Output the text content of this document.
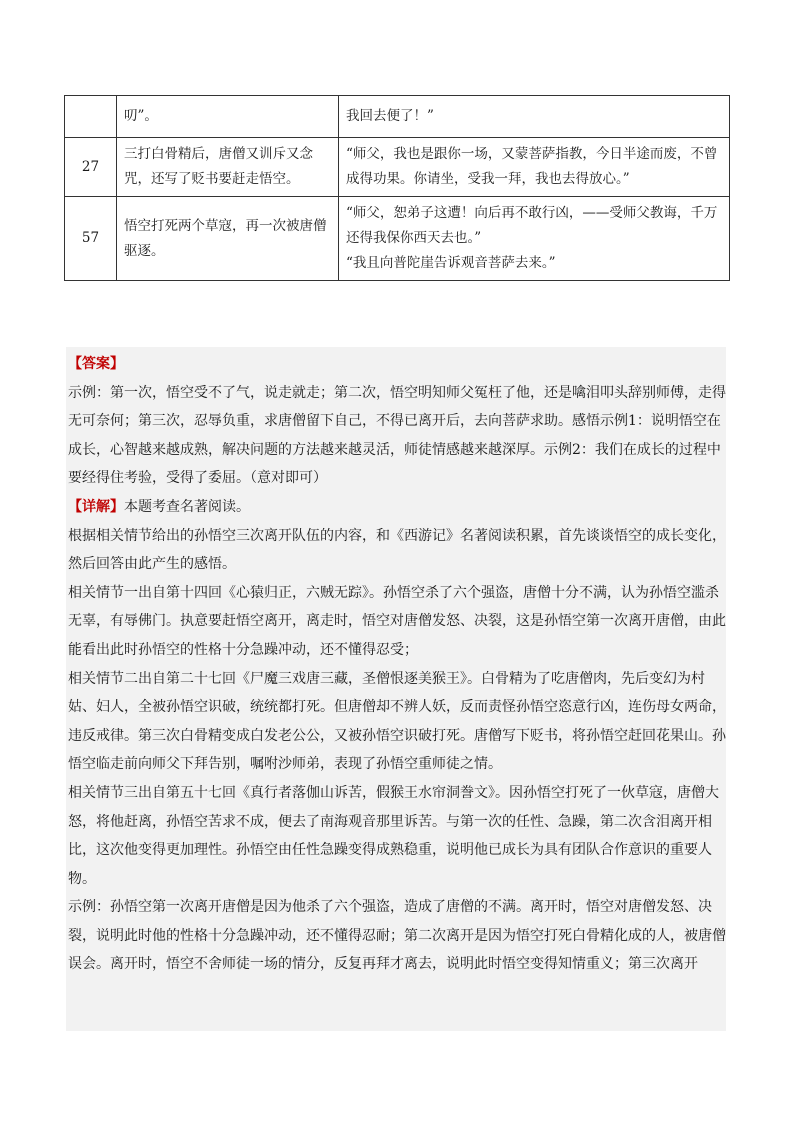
	叨”。	我回去便了！”

27	三打白骨精后，唐僧又训斥又念咒，还写了贬书要赶走悟空。	“师父，我也是跟你一场，又蒙菩萨指教，今日半途而废，不曾成得功果。你请坐，受我一拜，我也去得放心。”

57	悟空打死两个草寇，再一次被唐僧驱逐。	“师父，恕弟子这遭！向后再不敢行凶，——受师父教诲，千万还得我保你西天去也。”
“我且向普陀崖告诉观音菩萨去来。”

【答案】

示例：第一次，悟空受不了气，说走就走；第二次，悟空明知师父冤枉了他，还是噙泪叩头辞别师傅，走得无可奈何；第三次，忍辱负重，求唐僧留下自己，不得已离开后，去向菩萨求助。感悟示例1：说明悟空在成长，心智越来越成熟，解决问题的方法越来越灵活，师徒情感越来越深厚。示例2：我们在成长的过程中要经得住考验，受得了委屈。（意对即可）

【详解】本题考查名著阅读。

根据相关情节给出的孙悟空三次离开队伍的内容，和《西游记》名著阅读积累，首先谈谈悟空的成长变化，然后回答由此产生的感悟。

相关情节一出自第十四回《心猿归正，六贼无踪》。孙悟空杀了六个强盗，唐僧十分不满，认为孙悟空滥杀无辜，有辱佛门。执意要赶悟空离开，离走时，悟空对唐僧发怒、决裂，这是孙悟空第一次离开唐僧，由此能看出此时孙悟空的性格十分急躁冲动，还不懂得忍受；

相关情节二出自第二十七回《尸魔三戏唐三藏，圣僧恨逐美猴王》。白骨精为了吃唐僧肉，先后变幻为村姑、妇人，全被孙悟空识破，统统都打死。但唐僧却不辨人妖，反而责怪孙悟空恣意行凶，连伤母女两命，违反戒律。第三次白骨精变成白发老公公，又被孙悟空识破打死。唐僧写下贬书，将孙悟空赶回花果山。孙悟空临走前向师父下拜告别，嘱咐沙师弟，表现了孙悟空重师徒之情。

相关情节三出自第五十七回《真行者落伽山诉苦，假猴王水帘洞誊文》。因孙悟空打死了一伙草寇，唐僧大怒，将他赶离，孙悟空苦求不成，便去了南海观音那里诉苦。与第一次的任性、急躁，第二次含泪离开相比，这次他变得更加理性。孙悟空由任性急躁变得成熟稳重，说明他已成长为具有团队合作意识的重要人物。

示例：孙悟空第一次离开唐僧是因为他杀了六个强盗，造成了唐僧的不满。离开时，悟空对唐僧发怒、决裂，说明此时他的性格十分急躁冲动，还不懂得忍耐；第二次离开是因为悟空打死白骨精化成的人，被唐僧误会。离开时，悟空不舍师徒一场的情分，反复再拜才离去，说明此时悟空变得知情重义；第三次离开
